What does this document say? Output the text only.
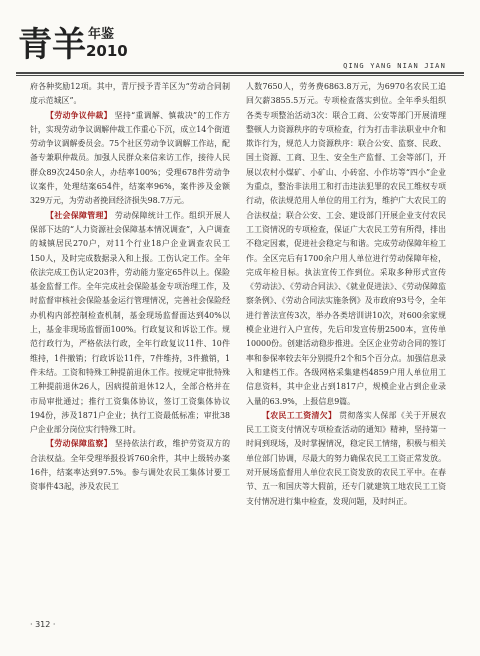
青羊 年鉴
2010
QING YANG NIAN JIAN

府各种奖励12项。其中，青厅授予青羊区为“劳动合同制度示范城区”。

【劳动争议仲裁】 坚持“重调解、慎裁决”的工作方针，实现劳动争议调解仲裁工作重心下沉，成立14个街道劳动争议调解委员会。75个社区劳动争议调解工作站，配备专兼职仲裁员。加强人民群众来信来访工作，接待人民群众89次2450余人，办结率100%；受理678件劳动争议案件，处理结案654件，结案率96%，案件涉及金额329万元，为劳动者挽回经济损失98.7万元。

【社会保障管理】 劳动保障统计工作。组织开展人保部下达的“人力资源社会保障基本情况调查”，入户调查的城镇居民270户，对11个行业18户企业调查农民工150人，及时完成数据录入和上报。工伤认定工作。全年依法完成工伤认定203件，劳动能力鉴定65件以上。保险基金监督工作。全年完成社会保险基金专项治理工作，及时监督审核社会保险基金运行管理情况，完善社会保险经办机构内部控制检查机制，基金现场监督面达到40%以上，基金非现场监督面100%。行政复议和诉讼工作。规范行政行为，严格依法行政，全年行政复议11件、10件维持，1件撤销；行政诉讼11件，7件维持，3件撤销，1件未结。工资和特殊工种提前退休工作。按规定审批特殊工种提前退休26人，因病提前退休12人，全部合格并在市局审批通过；推行工资集体协议，签订工资集体协议194份，涉及1871户企业；执行工资最低标准；审批38户企业部分岗位实行特殊工时。

【劳动保障监察】 坚持依法行政，维护劳资双方的合法权益。全年受理举报投诉760余件，其中上级转办案16件，结案率达到97.5%。参与调处农民工集体讨要工资事件43起，涉及农民工

人数7650人，劳务费6863.8万元，为6970名农民工追回欠薪3855.5万元。专项检查落实到位。全年季头组织各类专项整治活动3次：联合工商、公安等部门开展清理整顿人力资源秩序的专项检查，行为打击非法职业中介和欺诈行为，规范人力资源秩序：联合公安、监察、民政、国土资源、工商、卫生、安全生产监督、工会等部门，开展以农村小煤矿、小矿山、小砖窑、小作坊等“四小”企业为重点，整治非法用工和打击违法犯罪的农民工维权专项行动，依法规范用人单位的用工行为，维护广大农民工的合法权益；联合公安、工会、建设部门开展企业支付农民工工资情况的专项检查，保证广大农民工劳有所得，排出不稳定因素，促进社会稳定与和谐。完成劳动保障年检工作。全区完后有1700余户用人单位进行劳动保障年检，完成年检目标。执法宣传工作到位。采取多种形式宣传《劳动法》、《劳动合同法》、《就业促进法》、《劳动保障监察条例》、《劳动合同法实施条例》及市政府93号令，全年进行普法宣传3次，举办各类培训讲10次，对600余家规模企业进行入户宣传，先后印发宣传册2500本，宣传单10000份。创建活动稳步推进。全区企业劳动合同的签订率和参保率较去年分别提升2个和5个百分点。加强信息录入和建档工作。各级网格采集建档4859户用人单位用工信息资料，其中企业占到1817户，规模企业占到企业录入量的63.9%，上报信息9篇。

【农民工工资清欠】 贯彻落实人保部《关于开展农民工工资支付情况专项检查活动的通知》精神，坚持第一时间到现场，及时掌握情况，稳定民工情绪，积极与相关单位部门协调，尽最大的努力确保农民工工资正常发放。对开展场监督用人单位农民工资发放的农民工平中。在春节、五一和国庆等大假前，还专门就建筑工地农民工工资支付情况进行集中检查，发现问题，及时纠正。

· 312 ·
